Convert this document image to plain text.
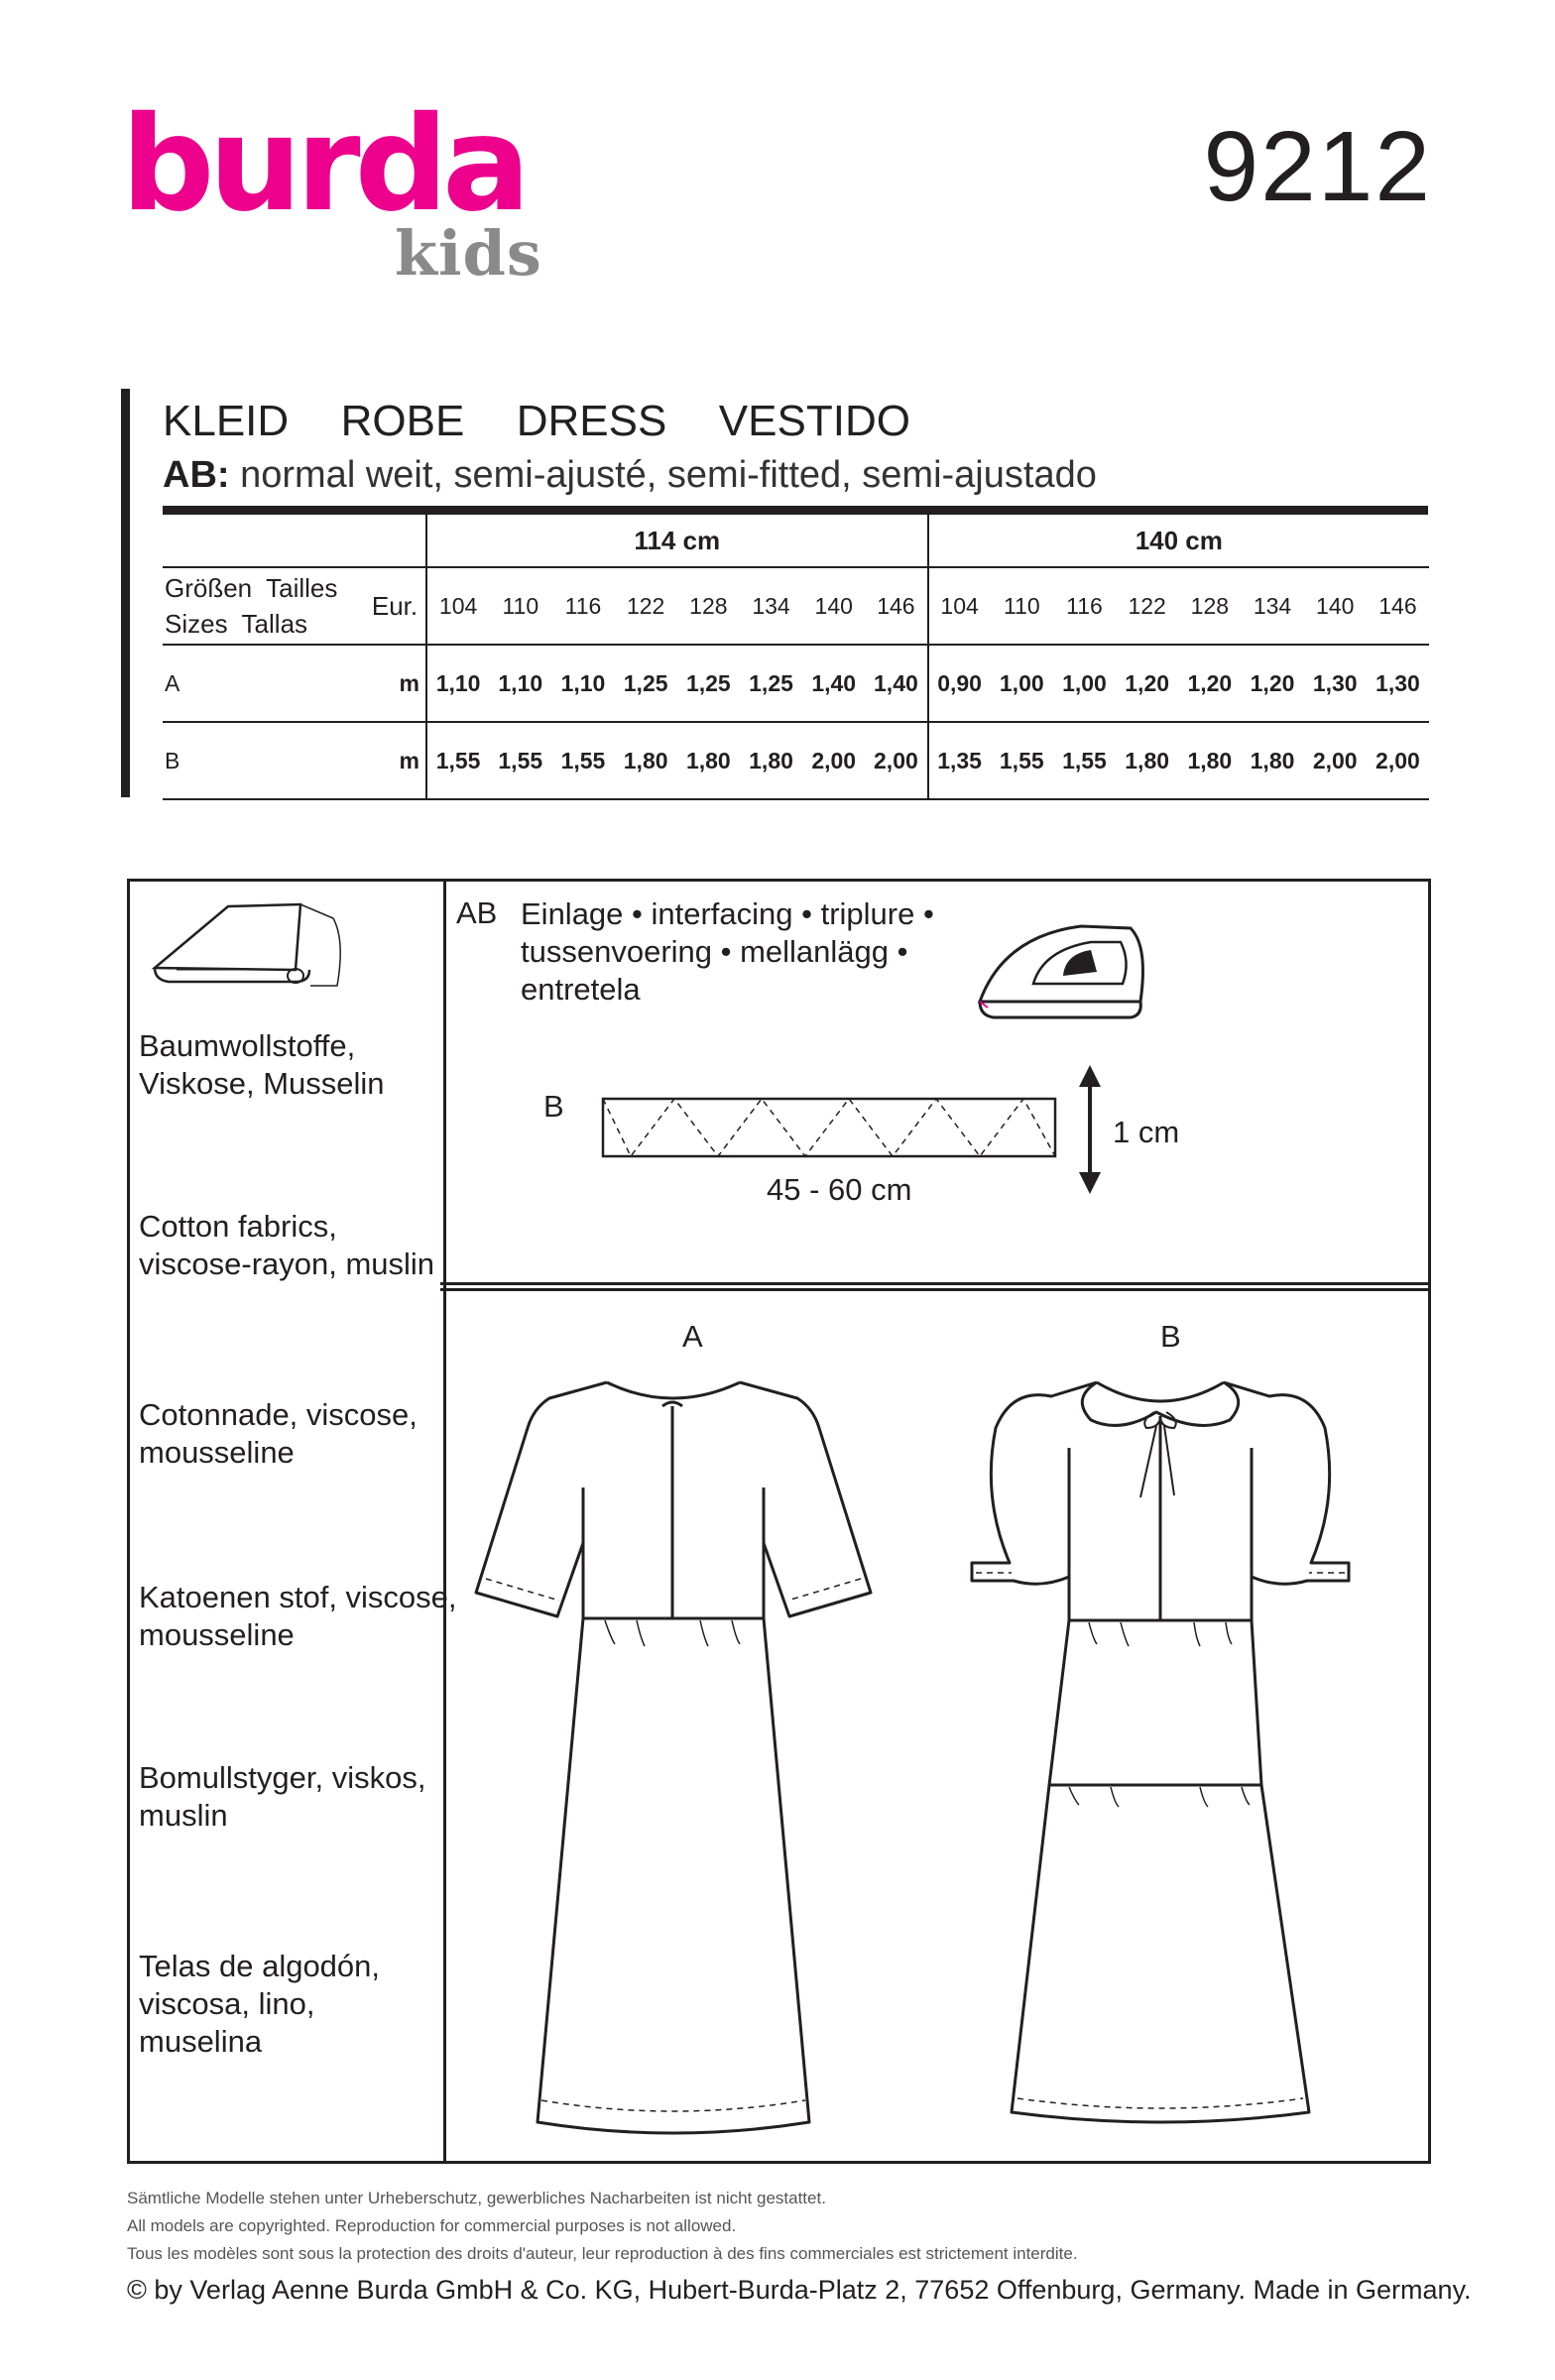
burda
kids
9212
KLEID  ROBE  DRESS  VESTIDO
AB: normal weit, semi-ajusté, semi-fitted, semi-ajustado
		114 cm								140 cm							

Größen  Tailles
Sizes  Tallas	Eur.	104	110	116	122	128	134	140	146	104	110	116	122	128	134	140	146
A	m	1,10	1,10	1,10	1,25	1,25	1,25	1,40	1,40	0,90	1,00	1,00	1,20	1,20	1,20	1,30	1,30
B	m	1,55	1,55	1,55	1,80	1,80	1,80	2,00	2,00	1,35	1,55	1,55	1,80	1,80	1,80	2,00	2,00
Baumwollstoffe,
Viskose, Musselin
Cotton fabrics,
viscose-rayon, muslin
Cotonnade, viscose,
mousseline
Katoenen stof, viscose,
mousseline
Bomullstyger, viskos,
muslin
Telas de algodón,
viscosa, lino,
muselina
AB Einlage • interfacing • triplure •
tussenvoering • mellanlägg •
entretela
B
45 - 60 cm
1 cm
A	B
Sämtliche Modelle stehen unter Urheberschutz, gewerbliches Nacharbeiten ist nicht gestattet.
All models are copyrighted. Reproduction for commercial purposes is not allowed.
Tous les modèles sont sous la protection des droits d'auteur, leur reproduction à des fins commerciales est strictement interdite.
© by Verlag Aenne Burda GmbH & Co. KG, Hubert-Burda-Platz 2, 77652 Offenburg, Germany. Made in Germany.
